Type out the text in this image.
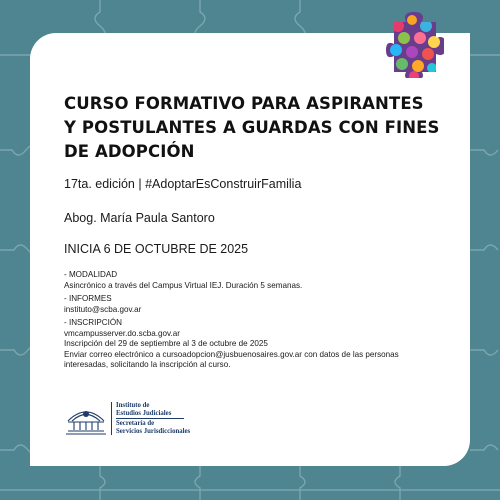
CURSO FORMATIVO PARA ASPIRANTES
Y POSTULANTES A GUARDAS CON FINES
DE ADOPCIÓN
17ta. edición | #AdoptarEsConstruirFamilia
Abog. María Paula Santoro
INICIA 6 DE OCTUBRE DE 2025
- MODALIDAD
Asincrónico a través del Campus Virtual IEJ. Duración 5 semanas.
- INFORMES
instituto@scba.gov.ar
- INSCRIPCIÓN
vmcampusserver.do.scba.gov.ar
Inscripción del 29 de septiembre al 3 de octubre de 2025
Enviar correo electrónico a cursoadopcion@jusbuenosaires.gov.ar con datos de las personas
interesadas, solicitando la inscripción al curso.
Instituto de
Estudios Judiciales
Secretaría de
Servicios Jurisdiccionales
